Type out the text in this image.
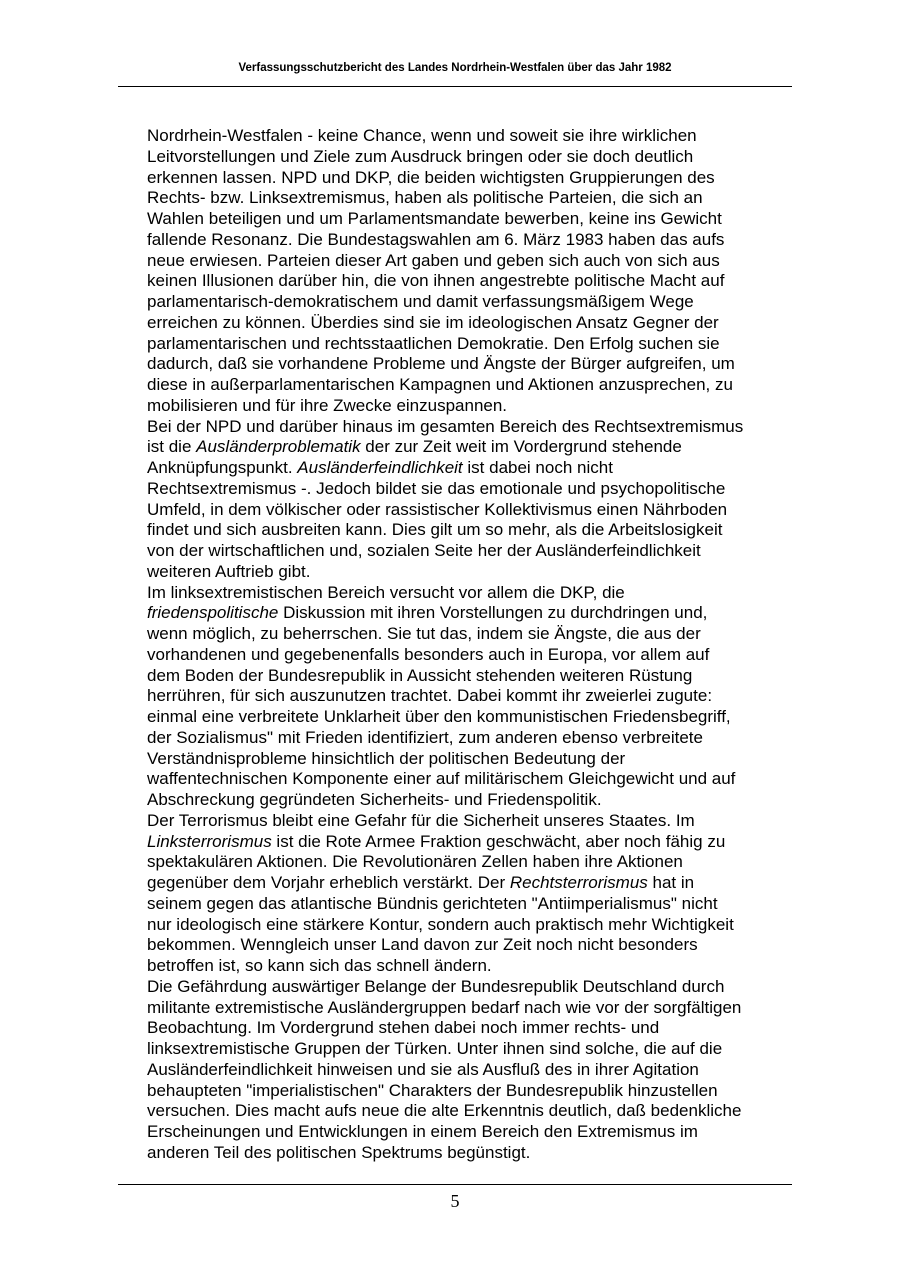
Verfassungsschutzbericht des Landes Nordrhein-Westfalen über das Jahr 1982
Nordrhein-Westfalen - keine Chance, wenn und soweit sie ihre wirklichen
Leitvorstellungen und Ziele zum Ausdruck bringen oder sie doch deutlich
erkennen lassen. NPD und DKP, die beiden wichtigsten Gruppierungen des
Rechts- bzw. Linksextremismus, haben als politische Parteien, die sich an
Wahlen beteiligen und um Parlamentsmandate bewerben, keine ins Gewicht
fallende Resonanz. Die Bundestagswahlen am 6. März 1983 haben das aufs
neue erwiesen. Parteien dieser Art gaben und geben sich auch von sich aus
keinen Illusionen darüber hin, die von ihnen angestrebte politische Macht auf
parlamentarisch-demokratischem und damit verfassungsmäßigem Wege
erreichen zu können. Überdies sind sie im ideologischen Ansatz Gegner der
parlamentarischen und rechtsstaatlichen Demokratie. Den Erfolg suchen sie
dadurch, daß sie vorhandene Probleme und Ängste der Bürger aufgreifen, um
diese in außerparlamentarischen Kampagnen und Aktionen anzusprechen, zu
mobilisieren und für ihre Zwecke einzuspannen.
Bei der NPD und darüber hinaus im gesamten Bereich des Rechtsextremismus
ist die Ausländerproblematik der zur Zeit weit im Vordergrund stehende
Anknüpfungspunkt. Ausländerfeindlichkeit ist dabei noch nicht
Rechtsextremismus -. Jedoch bildet sie das emotionale und psychopolitische
Umfeld, in dem völkischer oder rassistischer Kollektivismus einen Nährboden
findet und sich ausbreiten kann. Dies gilt um so mehr, als die Arbeitslosigkeit
von der wirtschaftlichen und, sozialen Seite her der Ausländerfeindlichkeit
weiteren Auftrieb gibt.
Im linksextremistischen Bereich versucht vor allem die DKP, die
friedenspolitische Diskussion mit ihren Vorstellungen zu durchdringen und,
wenn möglich, zu beherrschen. Sie tut das, indem sie Ängste, die aus der
vorhandenen und gegebenenfalls besonders auch in Europa, vor allem auf
dem Boden der Bundesrepublik in Aussicht stehenden weiteren Rüstung
herrühren, für sich auszunutzen trachtet. Dabei kommt ihr zweierlei zugute:
einmal eine verbreitete Unklarheit über den kommunistischen Friedensbegriff,
der Sozialismus" mit Frieden identifiziert, zum anderen ebenso verbreitete
Verständnisprobleme hinsichtlich der politischen Bedeutung der
waffentechnischen Komponente einer auf militärischem Gleichgewicht und auf
Abschreckung gegründeten Sicherheits- und Friedenspolitik.
Der Terrorismus bleibt eine Gefahr für die Sicherheit unseres Staates. Im
Linksterrorismus ist die Rote Armee Fraktion geschwächt, aber noch fähig zu
spektakulären Aktionen. Die Revolutionären Zellen haben ihre Aktionen
gegenüber dem Vorjahr erheblich verstärkt. Der Rechtsterrorismus hat in
seinem gegen das atlantische Bündnis gerichteten "Antiimperialismus" nicht
nur ideologisch eine stärkere Kontur, sondern auch praktisch mehr Wichtigkeit
bekommen. Wenngleich unser Land davon zur Zeit noch nicht besonders
betroffen ist, so kann sich das schnell ändern.
Die Gefährdung auswärtiger Belange der Bundesrepublik Deutschland durch
militante extremistische Ausländergruppen bedarf nach wie vor der sorgfältigen
Beobachtung. Im Vordergrund stehen dabei noch immer rechts- und
linksextremistische Gruppen der Türken. Unter ihnen sind solche, die auf die
Ausländerfeindlichkeit hinweisen und sie als Ausfluß des in ihrer Agitation
behaupteten "imperialistischen" Charakters der Bundesrepublik hinzustellen
versuchen. Dies macht aufs neue die alte Erkenntnis deutlich, daß bedenkliche
Erscheinungen und Entwicklungen in einem Bereich den Extremismus im
anderen Teil des politischen Spektrums begünstigt.
5
